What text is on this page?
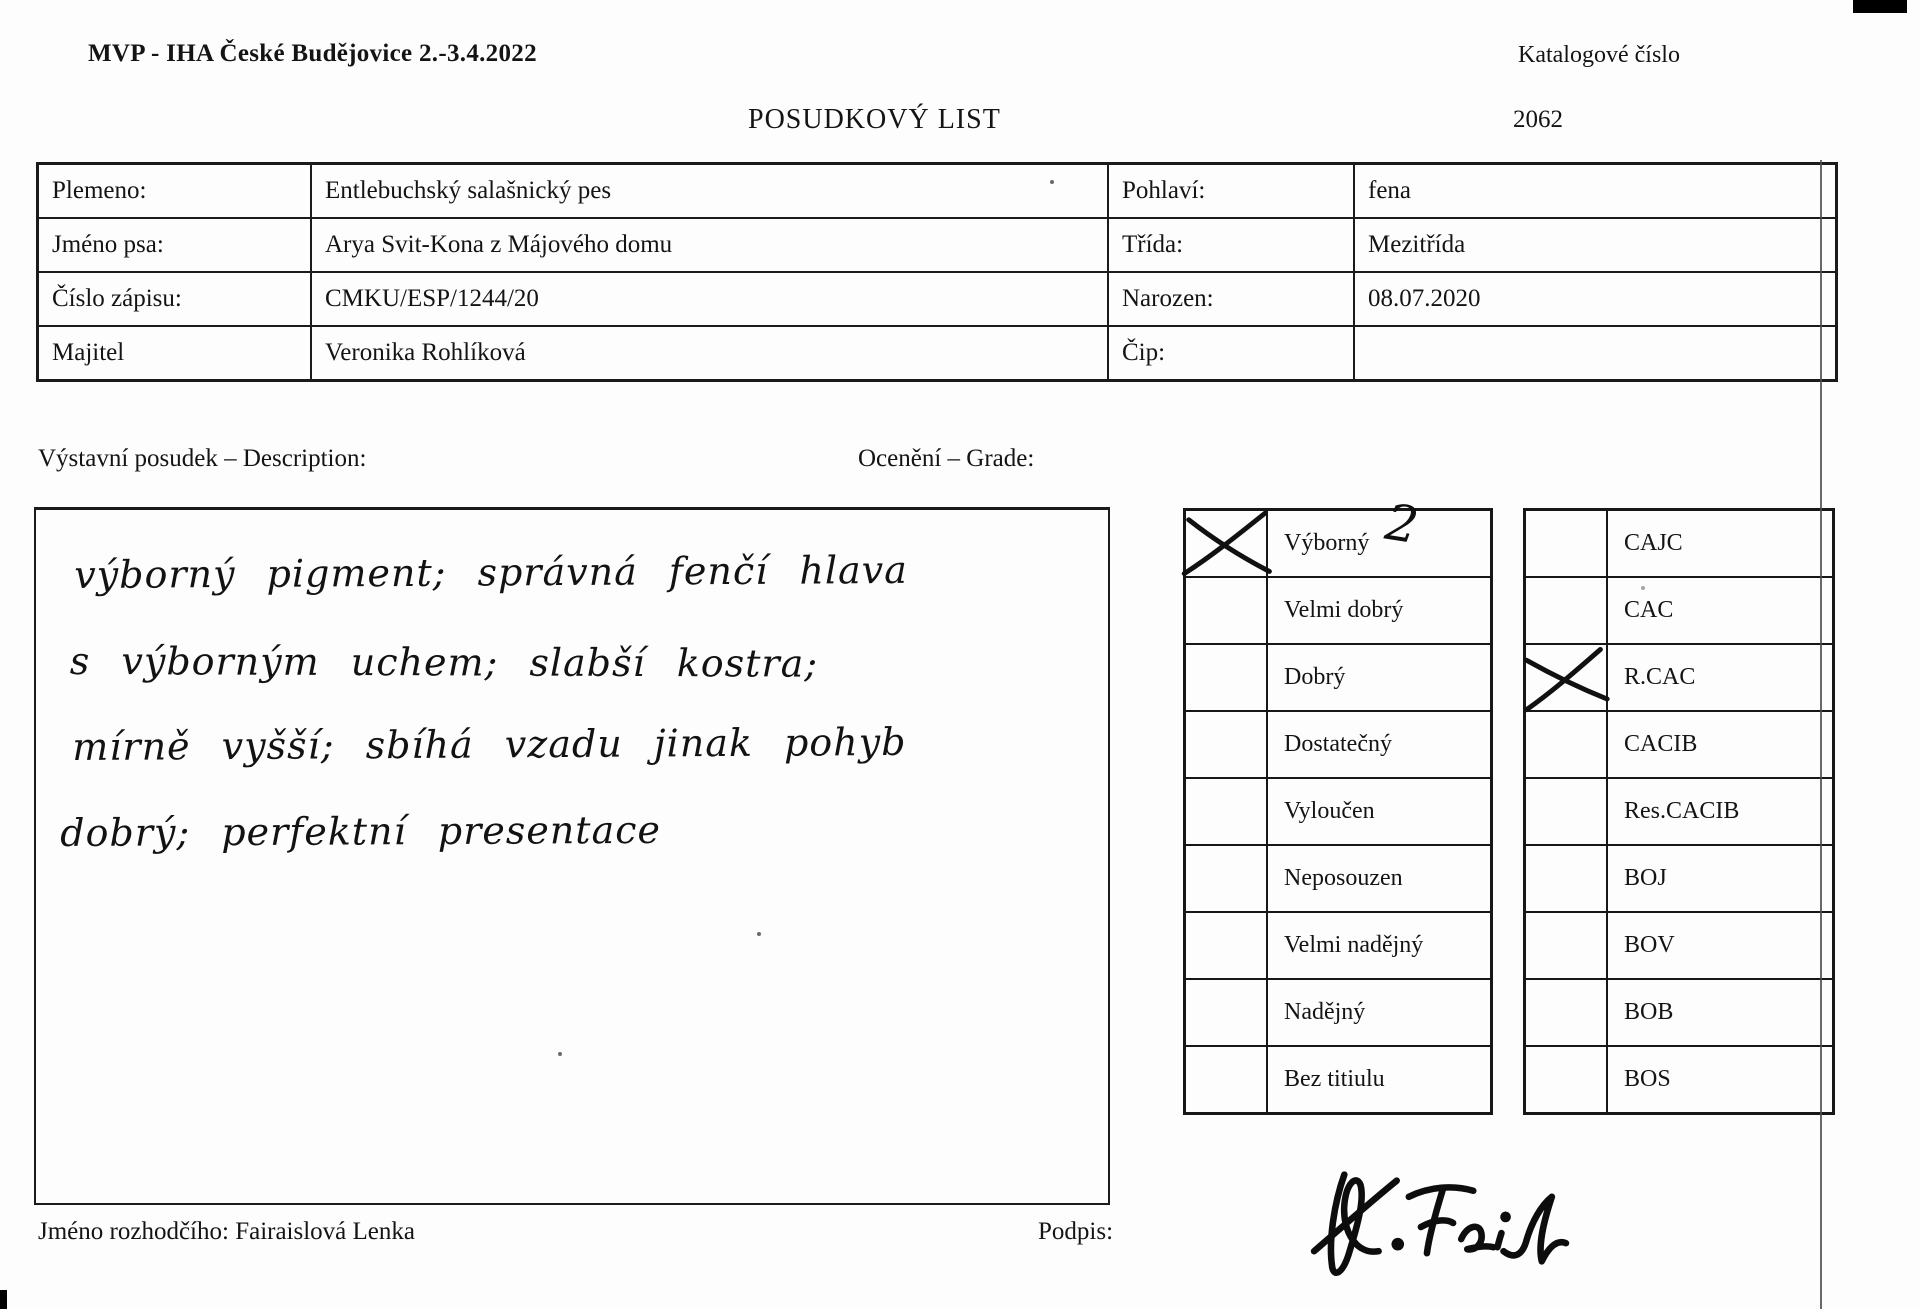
MVP - IHA České Budějovice 2.-3.4.2022	Katalogové číslo
POSUDKOVÝ LIST	2062
Plemeno:	Entlebuchský salašnický pes	Pohlaví:	fena
Jméno psa:	Arya Svit-Kona z Májového domu	Třída:	Mezitřída
Číslo zápisu:	CMKU/ESP/1244/20	Narozen:	08.07.2020
Majitel	Veronika Rohlíková	Čip:	
Výstavní posudek – Description:	Ocenění – Grade:
výborný pigment; správná fenčí hlava
s výborným uchem; slabší kostra;
mírně vyšší; sbíhá vzadu jinak pohyb
dobrý; perfektní presentace
Výborný 2
Velmi dobrý
Dobrý
Dostatečný
Vyloučen
Neposouzen
Velmi nadějný
Nadějný
Bez titiulu
CAJC
CAC
R.CAC
CACIB
Res.CACIB
BOJ
BOV
BOB
BOS
Jméno rozhodčího: Fairaislová Lenka	Podpis:
